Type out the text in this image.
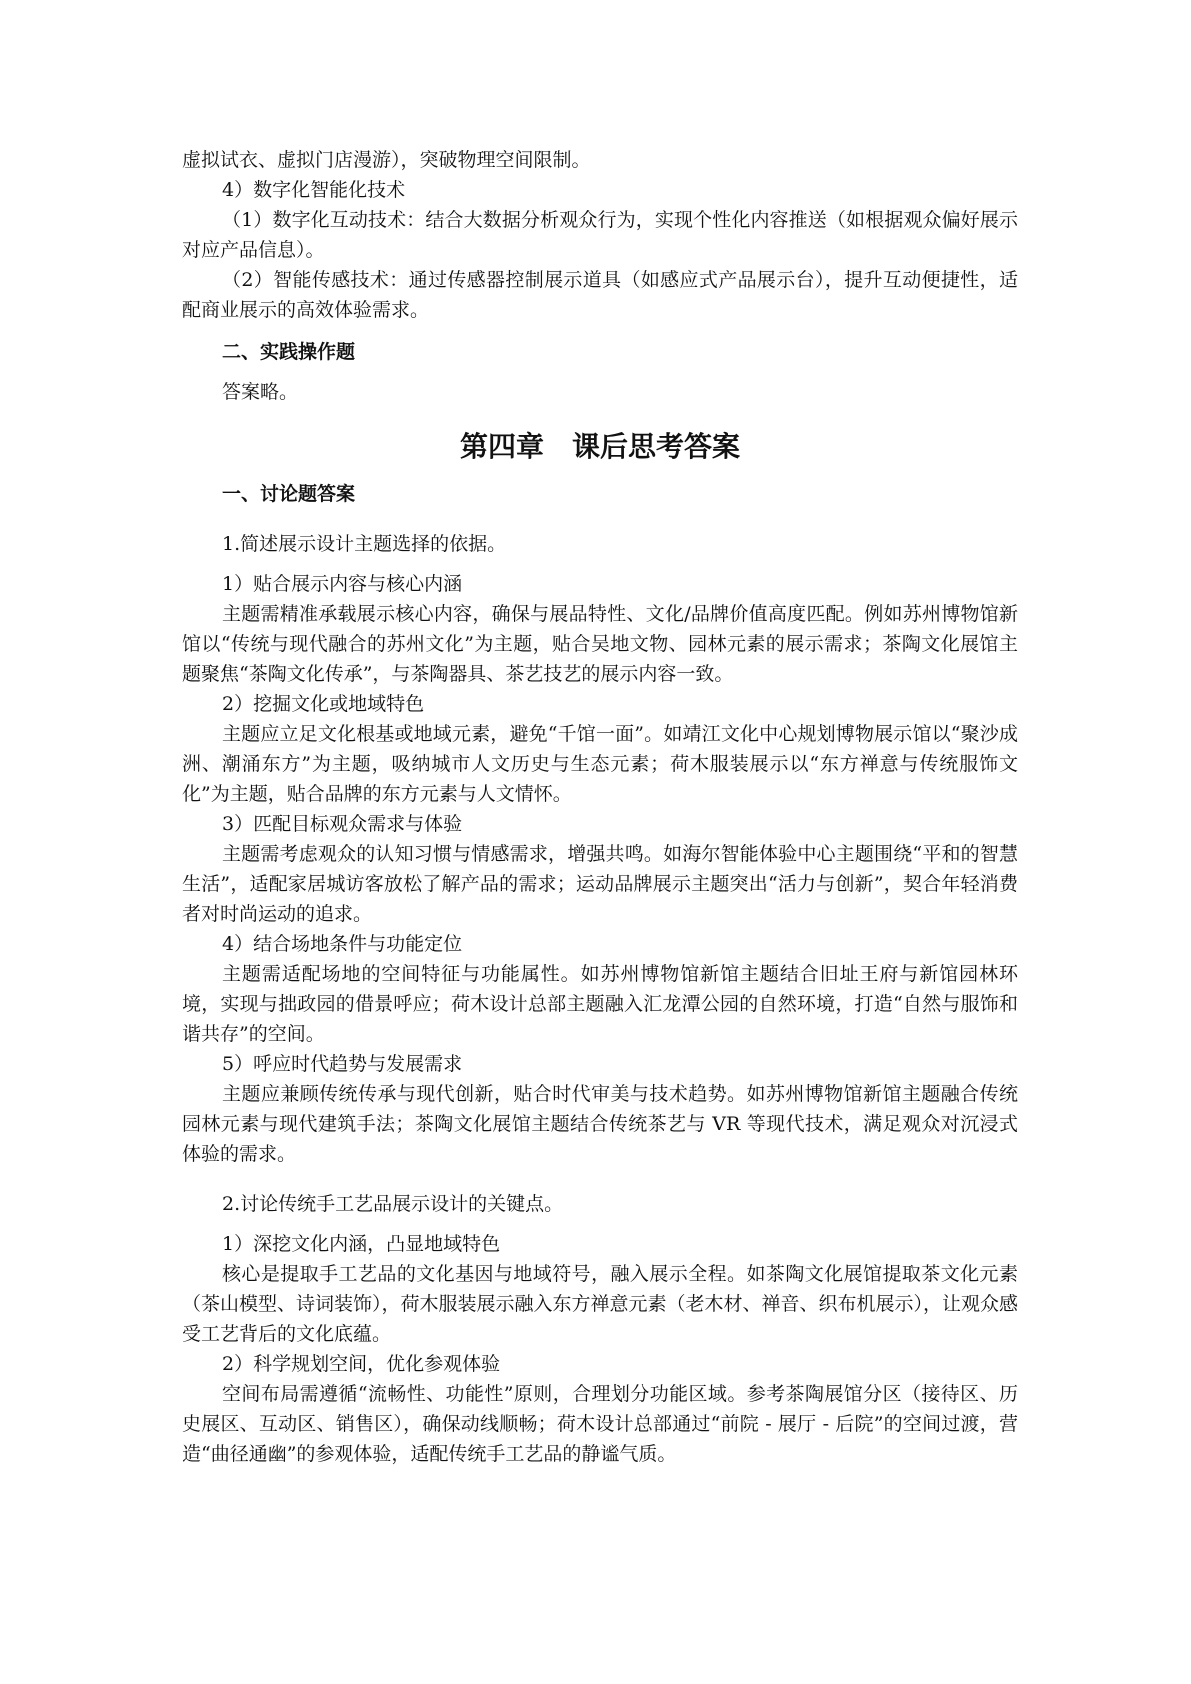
虚拟试衣、虚拟门店漫游），突破物理空间限制。

4）数字化智能化技术

（1）数字化互动技术：结合大数据分析观众行为，实现个性化内容推送（如根据观众偏好展示对应产品信息）。

（2）智能传感技术：通过传感器控制展示道具（如感应式产品展示台），提升互动便捷性，适配商业展示的高效体验需求。

二、实践操作题

答案略。

第四章　课后思考答案

一、讨论题答案

1.简述展示设计主题选择的依据。

1）贴合展示内容与核心内涵

主题需精准承载展示核心内容，确保与展品特性、文化/品牌价值高度匹配。例如苏州博物馆新馆以“传统与现代融合的苏州文化”为主题，贴合吴地文物、园林元素的展示需求；茶陶文化展馆主题聚焦“茶陶文化传承”，与茶陶器具、茶艺技艺的展示内容一致。

2）挖掘文化或地域特色

主题应立足文化根基或地域元素，避免“千馆一面”。如靖江文化中心规划博物展示馆以“聚沙成洲、潮涌东方”为主题，吸纳城市人文历史与生态元素；荷木服装展示以“东方禅意与传统服饰文化”为主题，贴合品牌的东方元素与人文情怀。

3）匹配目标观众需求与体验

主题需考虑观众的认知习惯与情感需求，增强共鸣。如海尔智能体验中心主题围绕“平和的智慧生活”，适配家居城访客放松了解产品的需求；运动品牌展示主题突出“活力与创新”，契合年轻消费者对时尚运动的追求。

4）结合场地条件与功能定位

主题需适配场地的空间特征与功能属性。如苏州博物馆新馆主题结合旧址王府与新馆园林环境，实现与拙政园的借景呼应；荷木设计总部主题融入汇龙潭公园的自然环境，打造“自然与服饰和谐共存”的空间。

5）呼应时代趋势与发展需求

主题应兼顾传统传承与现代创新，贴合时代审美与技术趋势。如苏州博物馆新馆主题融合传统园林元素与现代建筑手法；茶陶文化展馆主题结合传统茶艺与 VR 等现代技术，满足观众对沉浸式体验的需求。

2.讨论传统手工艺品展示设计的关键点。

1）深挖文化内涵，凸显地域特色

核心是提取手工艺品的文化基因与地域符号，融入展示全程。如茶陶文化展馆提取茶文化元素（茶山模型、诗词装饰），荷木服装展示融入东方禅意元素（老木材、禅音、织布机展示），让观众感受工艺背后的文化底蕴。

2）科学规划空间，优化参观体验

空间布局需遵循“流畅性、功能性”原则，合理划分功能区域。参考茶陶展馆分区（接待区、历史展区、互动区、销售区），确保动线顺畅；荷木设计总部通过“前院 - 展厅 - 后院”的空间过渡，营造“曲径通幽”的参观体验，适配传统手工艺品的静谧气质。
